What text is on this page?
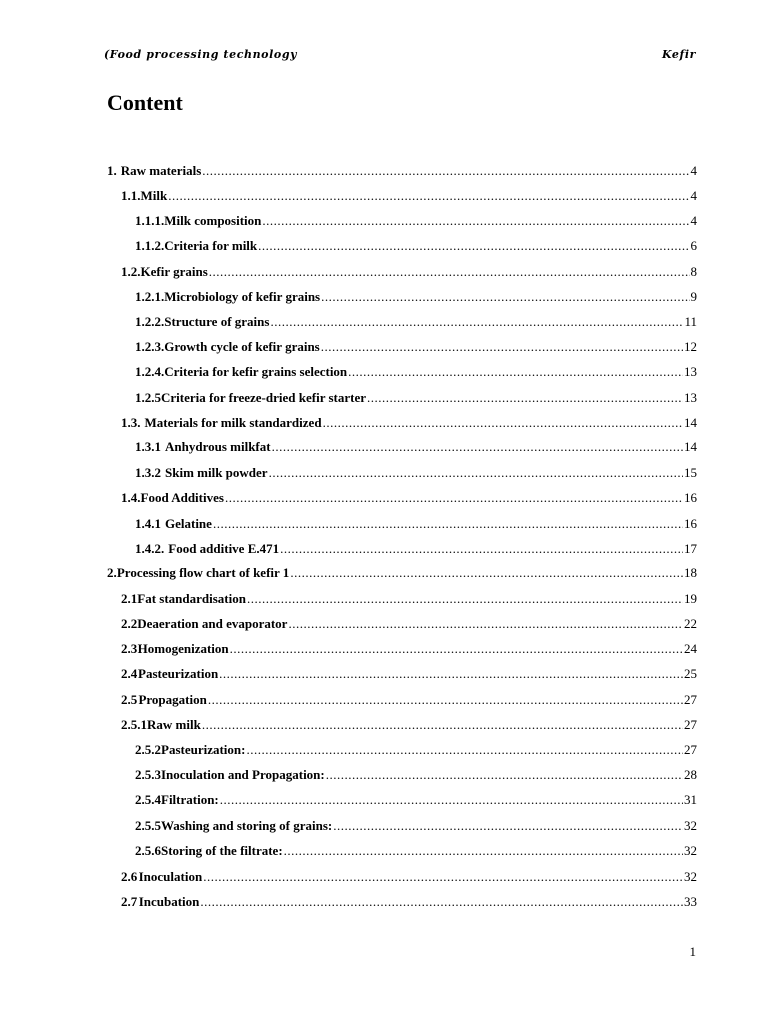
(Food processing technology	Kefir
Content
1. Raw materials .....	4
1.1. Milk .....	4
1.1.1. Milk composition .....	4
1.1.2. Criteria for milk .....	6
1.2. Kefir grains .....	8
1.2.1. Microbiology of kefir grains .....	9
1.2.2. Structure of grains .....	11
1.2.3. Growth cycle of kefir grains .....	12
1.2.4. Criteria for kefir grains selection .....	13
1.2.5 Criteria for freeze-dried kefir starter .....	13
1.3. Materials for milk standardized .....	14
1.3.1 Anhydrous milkfat .....	14
1.3.2 Skim milk powder .....	15
1.4. Food Additives .....	16
1.4.1 Gelatine .....	16
1.4.2. Food additive E.471 .....	17
2. Processing flow chart of kefir 1 .....	18
2.1 Fat standardisation .....	19
2.2 Deaeration and evaporator .....	22
2.3 Homogenization .....	24
2.4 Pasteurization .....	25
2.5 Propagation .....	27
2.5.1 Raw milk .....	27
2.5.2 Pasteurization: .....	27
2.5.3 Inoculation and Propagation: .....	28
2.5.4 Filtration: .....	31
2.5.5 Washing and storing of grains: .....	32
2.5.6 Storing of the filtrate: .....	32
2.6 Inoculation .....	32
2.7 Incubation .....	33
1
